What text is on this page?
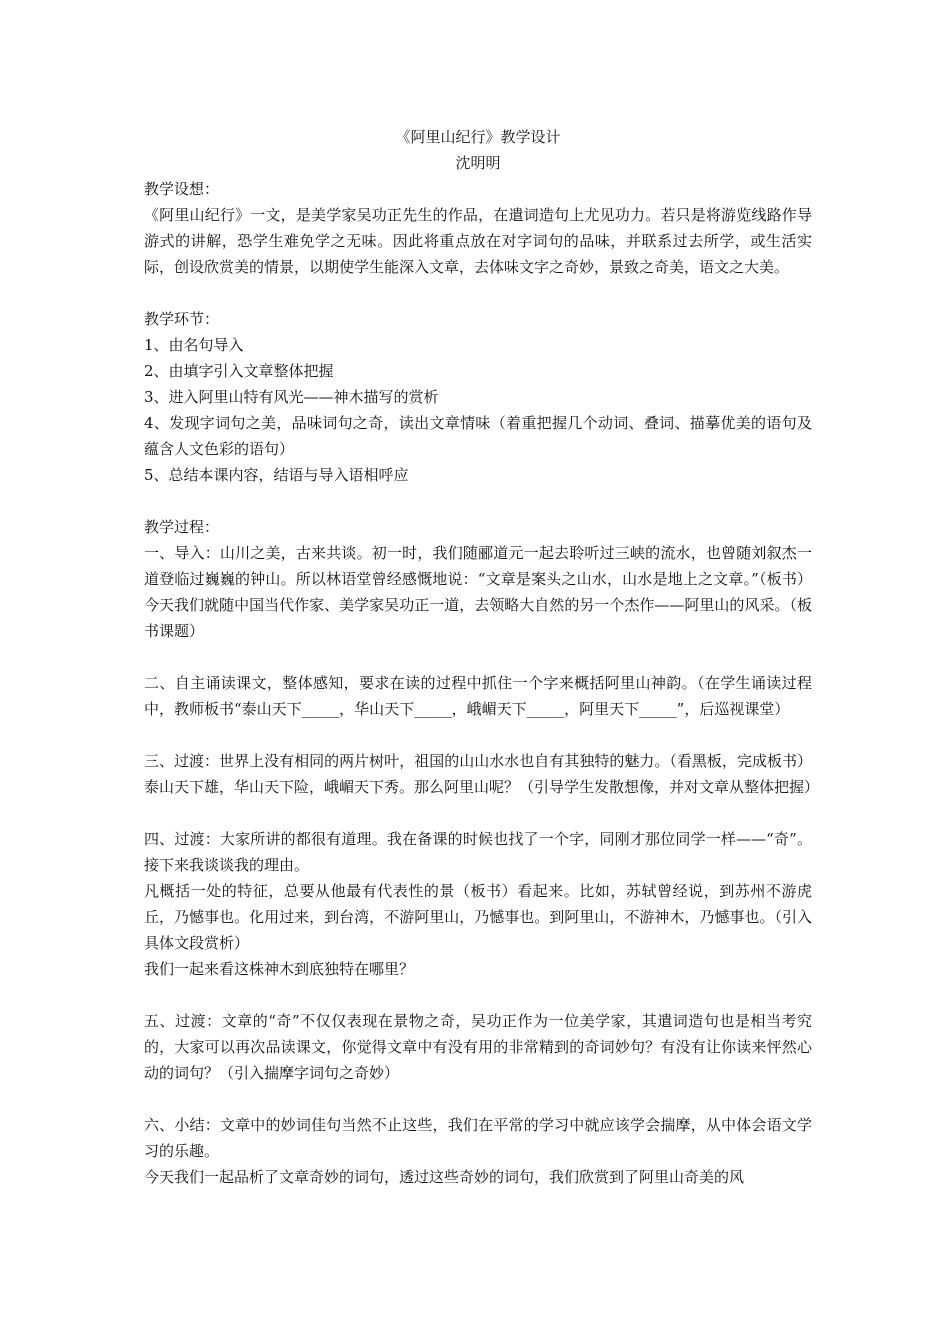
《阿里山纪行》教学设计

沈明明

教学设想：

《阿里山纪行》一文，是美学家吴功正先生的作品，在遣词造句上尤见功力。若只是将游览线路作导游式的讲解，恐学生难免学之无味。因此将重点放在对字词句的品味，并联系过去所学，或生活实际，创设欣赏美的情景，以期使学生能深入文章，去体味文字之奇妙，景致之奇美，语文之大美。

教学环节：

1、由名句导入

2、由填字引入文章整体把握

3、进入阿里山特有风光——神木描写的赏析

4、发现字词句之美，品味词句之奇，读出文章情味（着重把握几个动词、叠词、描摹优美的语句及蕴含人文色彩的语句）

5、总结本课内容，结语与导入语相呼应

教学过程：

一、导入：山川之美，古来共谈。初一时，我们随郦道元一起去聆听过三峡的流水，也曾随刘叙杰一道登临过巍巍的钟山。所以林语堂曾经感慨地说：“文章是案头之山水，山水是地上之文章。”（板书）今天我们就随中国当代作家、美学家吴功正一道，去领略大自然的另一个杰作——阿里山的风采。（板书课题）

二、自主诵读课文，整体感知，要求在读的过程中抓住一个字来概括阿里山神韵。（在学生诵读过程中，教师板书“泰山天下_____，华山天下_____，峨嵋天下_____，阿里天下_____”，后巡视课堂）

三、过渡：世界上没有相同的两片树叶，祖国的山山水水也自有其独特的魅力。（看黑板，完成板书）泰山天下雄，华山天下险，峨嵋天下秀。那么阿里山呢？（引导学生发散想像，并对文章从整体把握）

四、过渡：大家所讲的都很有道理。我在备课的时候也找了一个字，同刚才那位同学一样——“奇”。接下来我谈谈我的理由。

凡概括一处的特征，总要从他最有代表性的景（板书）看起来。比如，苏轼曾经说，到苏州不游虎丘，乃憾事也。化用过来，到台湾，不游阿里山，乃憾事也。到阿里山，不游神木，乃憾事也。（引入具体文段赏析）

我们一起来看这株神木到底独特在哪里？

五、过渡：文章的“奇”不仅仅表现在景物之奇，吴功正作为一位美学家，其遣词造句也是相当考究的，大家可以再次品读课文，你觉得文章中有没有用的非常精到的奇词妙句？有没有让你读来怦然心动的词句？（引入揣摩字词句之奇妙）

六、小结：文章中的妙词佳句当然不止这些，我们在平常的学习中就应该学会揣摩，从中体会语文学习的乐趣。

今天我们一起品析了文章奇妙的词句，透过这些奇妙的词句，我们欣赏到了阿里山奇美的风
